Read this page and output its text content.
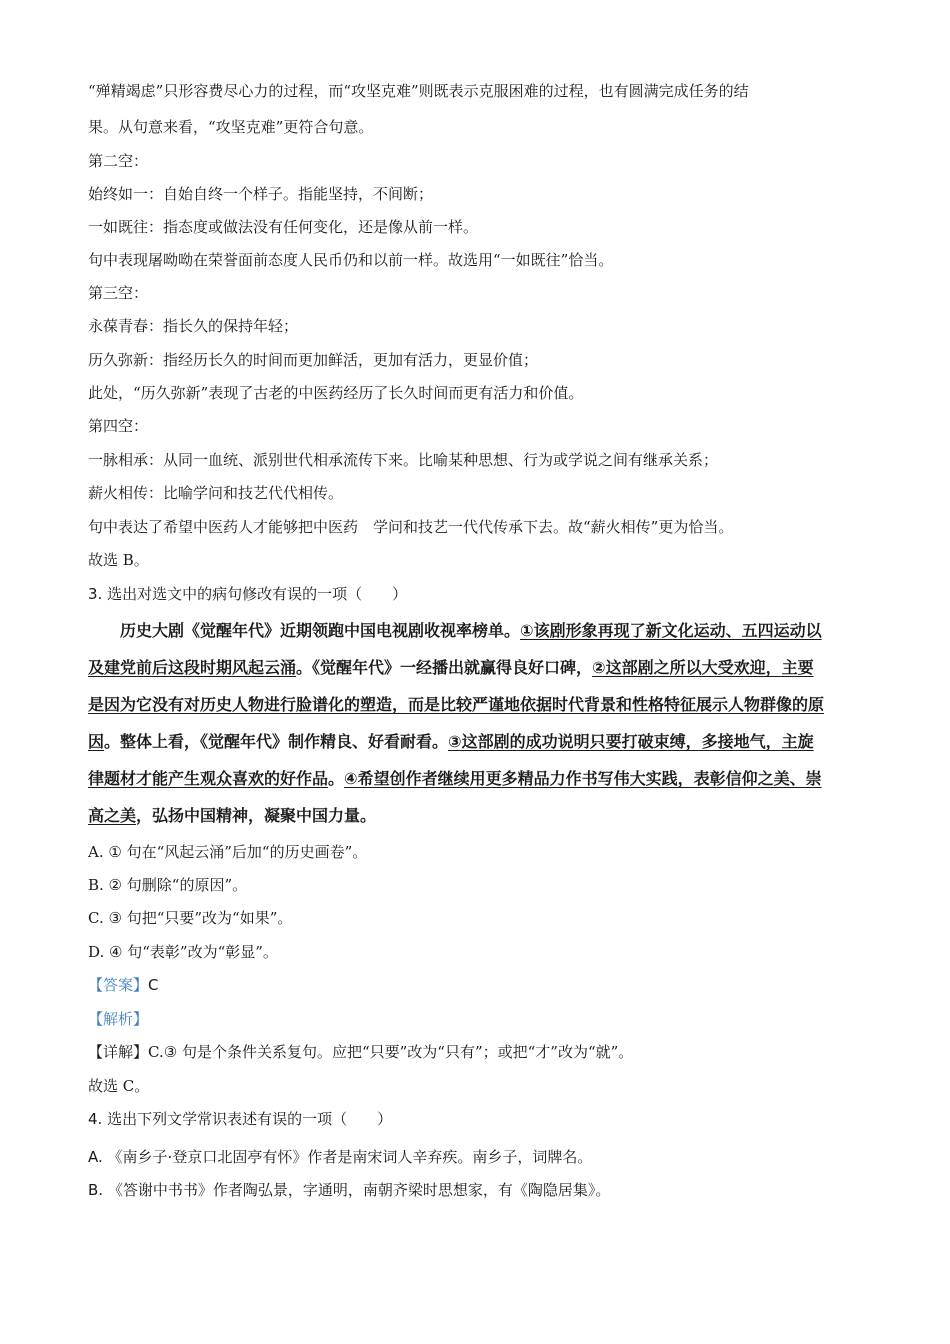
“殚精竭虑”只形容费尽心力的过程，而“攻坚克难”则既表示克服困难的过程，也有圆满完成任务的结
果。从句意来看，“攻坚克难”更符合句意。
第二空：
始终如一：自始自终一个样子。指能坚持，不间断；
一如既往：指态度或做法没有任何变化，还是像从前一样。
句中表现屠呦呦在荣誉面前态度人民币仍和以前一样。故选用“一如既往”恰当。
第三空：
永葆青春：指长久的保持年轻；
历久弥新：指经历长久的时间而更加鲜活，更加有活力，更显价值；
此处，“历久弥新”表现了古老的中医药经历了长久时间而更有活力和价值。
第四空：
一脉相承：从同一血统、派别世代相承流传下来。比喻某种思想、行为或学说之间有继承关系；
薪火相传：比喻学问和技艺代代相传。
句中表达了希望中医药人才能够把中医药　学问和技艺一代代传承下去。故“薪火相传”更为恰当。
故选 B。
3. 选出对选文中的病句修改有误的一项（　　）
历史大剧《觉醒年代》近期领跑中国电视剧收视率榜单。①该剧形象再现了新文化运动、五四运动以
及建党前后这段时期风起云涌。《觉醒年代》一经播出就赢得良好口碑，②这部剧之所以大受欢迎，主要
是因为它没有对历史人物进行脸谱化的塑造，而是比较严谨地依据时代背景和性格特征展示人物群像的原
因。整体上看，《觉醒年代》制作精良、好看耐看。③这部剧的成功说明只要打破束缚，多接地气，主旋
律题材才能产生观众喜欢的好作品。④希望创作者继续用更多精品力作书写伟大实践，表彰信仰之美、崇
高之美，弘扬中国精神，凝聚中国力量。
A. ① 句在“风起云涌”后加“的历史画卷”。
B. ② 句删除“的原因”。
C. ③ 句把“只要”改为“如果”。
D. ④ 句“表彰”改为“彰显”。
【答案】C
【解析】
【详解】C.③ 句是个条件关系复句。应把“只要”改为“只有”；或把“才”改为“就”。
故选 C。
4. 选出下列文学常识表述有误的一项（　　）
A. 《南乡子·登京口北固亭有怀》作者是南宋词人辛弃疾。南乡子，词牌名。
B. 《答谢中书书》作者陶弘景，字通明，南朝齐梁时思想家，有《陶隐居集》。
